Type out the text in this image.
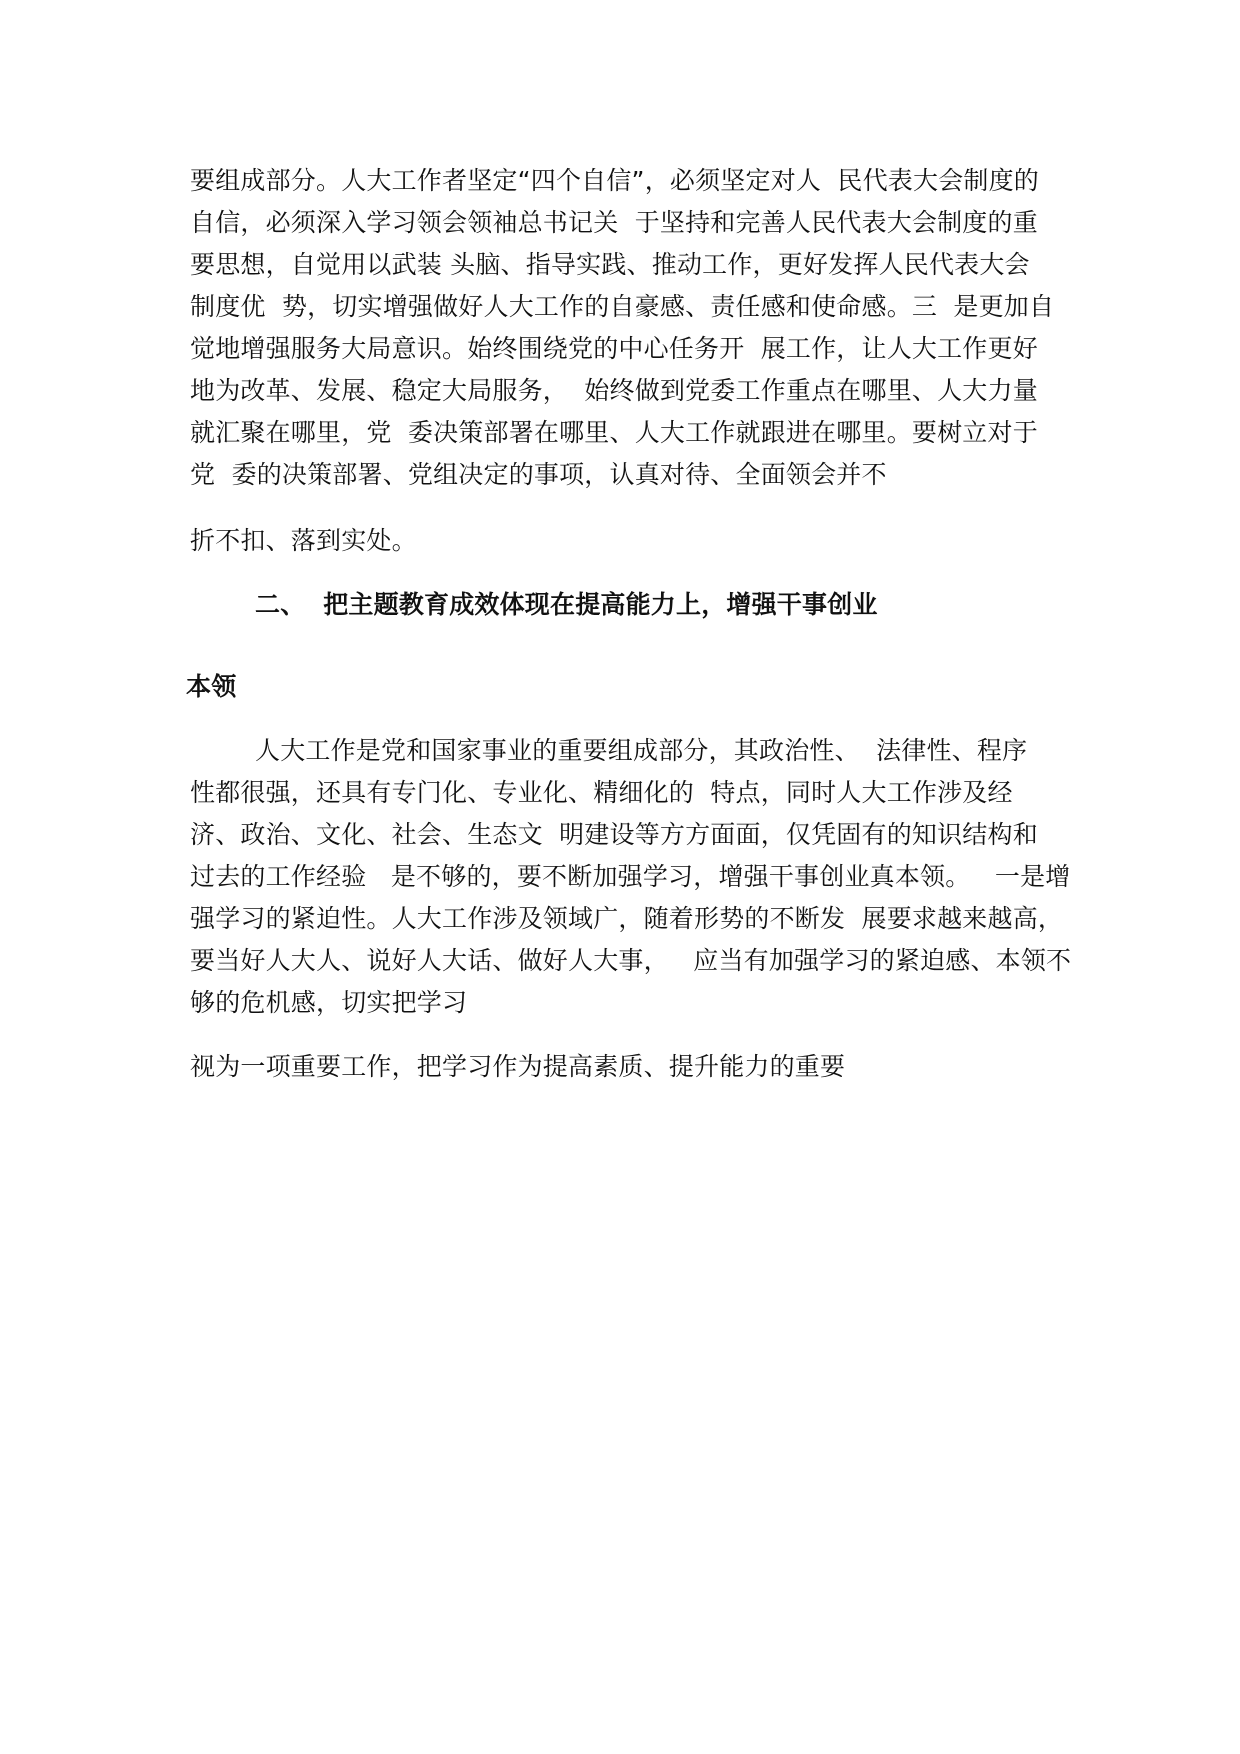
要组成部分。人大工作者坚定“四个自信”，必须坚定对人  民代表大会制度的
自信，必须深入学习领会领袖总书记关  于坚持和完善人民代表大会制度的重
要思想，自觉用以武装 头脑、指导实践、推动工作，更好发挥人民代表大会
制度优  势，切实增强做好人大工作的自豪感、责任感和使命感。三  是更加自
觉地增强服务大局意识。始终围绕党的中心任务开  展工作，让人大工作更好
地为改革、发展、稳定大局服务，  始终做到党委工作重点在哪里、人大力量
就汇聚在哪里，党  委决策部署在哪里、人大工作就跟进在哪里。要树立对于
党  委的决策部署、党组决定的事项，认真对待、全面领会并不
折不扣、落到实处。
二、  把主题教育成效体现在提高能力上，增强干事创业
本领
人大工作是党和国家事业的重要组成部分，其政治性、  法律性、程序
性都很强，还具有专门化、专业化、精细化的  特点，同时人大工作涉及经
济、政治、文化、社会、生态文  明建设等方方面面，仅凭固有的知识结构和
过去的工作经验   是不够的，要不断加强学习，增强干事创业真本领。   一是增
强学习的紧迫性。人大工作涉及领域广，随着形势的不断发  展要求越来越高，
要当好人大人、说好人大话、做好人大事，   应当有加强学习的紧迫感、本领不
够的危机感，切实把学习
视为一项重要工作，把学习作为提高素质、提升能力的重要
